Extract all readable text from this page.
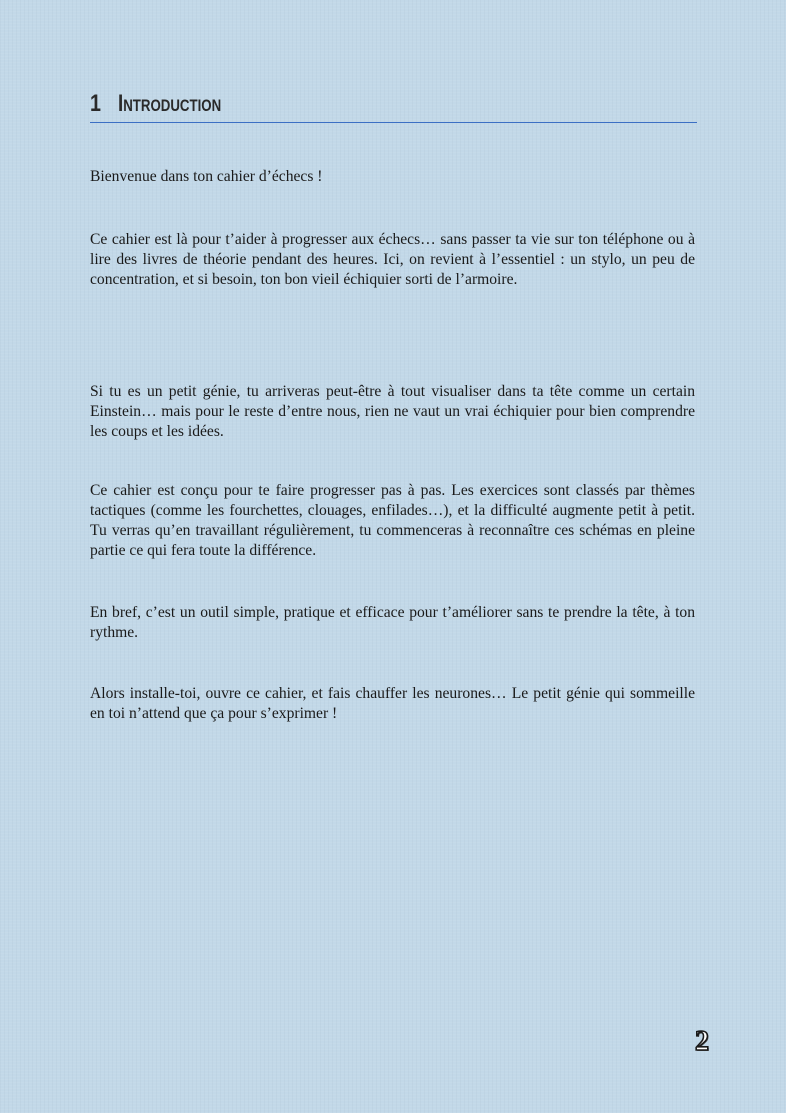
1 Introduction

Bienvenue dans ton cahier d’échecs !

Ce cahier est là pour t’aider à progresser aux échecs… sans passer ta vie sur ton téléphone ou à lire des livres de théorie pendant des heures. Ici, on revient à l’essentiel : un stylo, un peu de concentration, et si besoin, ton bon vieil échiquier sorti de l’armoire.

Si tu es un petit génie, tu arriveras peut-être à tout visualiser dans ta tête comme un certain Einstein… mais pour le reste d’entre nous, rien ne vaut un vrai échiquier pour bien comprendre les coups et les idées.

Ce cahier est conçu pour te faire progresser pas à pas. Les exercices sont classés par thèmes tactiques (comme les fourchettes, clouages, enfilades…), et la difficulté augmente petit à petit. Tu verras qu’en travaillant régulièrement, tu commenceras à reconnaître ces schémas en pleine partie ce qui fera toute la différence.

En bref, c’est un outil simple, pratique et efficace pour t’améliorer sans te prendre la tête, à ton rythme.

Alors installe-toi, ouvre ce cahier, et fais chauffer les neurones… Le petit génie qui sommeille en toi n’attend que ça pour s’exprimer !

2
